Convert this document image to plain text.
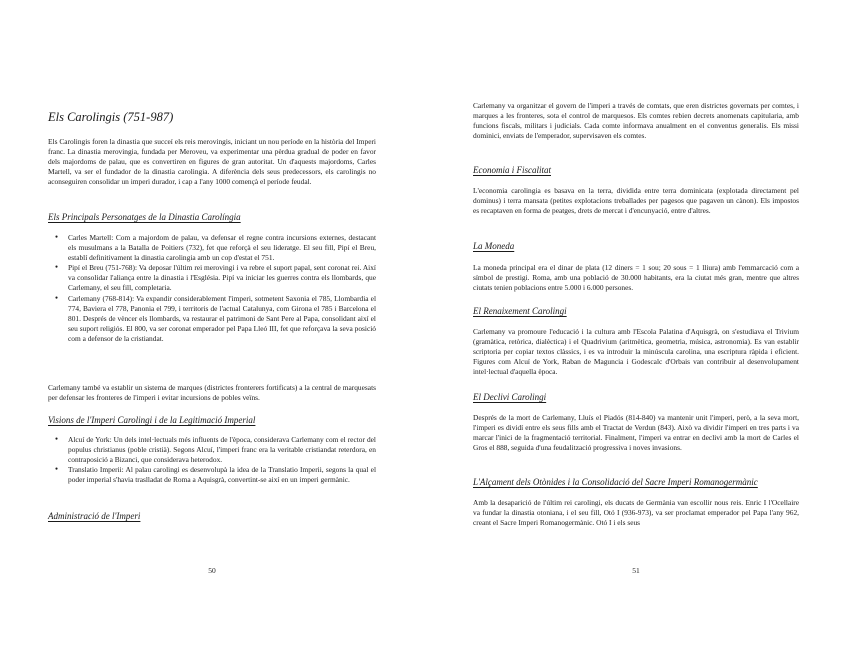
Els Carolingis (751-987)

Els Carolingis foren la dinastia que succeí els reis merovingis, iniciant un nou període en la història del Imperi franc. La dinastia merovingia, fundada per Meroveu, va experimentar una pèrdua gradual de poder en favor dels majordoms de palau, que es convertiren en figures de gran autoritat. Un d'aquests majordoms, Carles Martell, va ser el fundador de la dinastia carolingia. A diferència dels seus predecessors, els carolingis no aconseguiren consolidar un imperi durador, i cap a l'any 1000 començà el període feudal.

Els Principals Personatges de la Dinastia Carolíngia
● Carles Martell: Com a majordom de palau, va defensar el regne contra incursions externes, destacant els musulmans a la Batalla de Poitiers (732), fet que reforçà el seu lideratge. El seu fill, Pipí el Breu, establí definitivament la dinastia carolingia amb un cop d'estat el 751.
● Pipí el Breu (751-768): Va deposar l'últim rei merovingi i va rebre el suport papal, sent coronat rei. Així va consolidar l'aliança entre la dinastia i l'Església. Pipí va iniciar les guerres contra els llombards, que Carlemany, el seu fill, completaria.
● Carlemany (768-814): Va expandir considerablement l'imperi, sotmetent Saxonia el 785, Llombardia el 774, Baviera el 778, Panonia el 799, i territoris de l'actual Catalunya, com Girona el 785 i Barcelona el 801. Després de vèncer els llombards, va restaurar el patrimoni de Sant Pere al Papa, consolidant així el seu suport religiós. El 800, va ser coronat emperador pel Papa Lleó III, fet que reforçava la seva posició com a defensor de la cristiandat.

Carlemany també va establir un sistema de marques (districtes fronterers fortificats) a la central de marquesats per defensar les fronteres de l'imperi i evitar incursions de pobles veïns.

Visions de l'Imperi Carolingi i de la Legitimació Imperial
● Alcuí de York: Un dels intel·lectuals més influents de l'època, considerava Carlemany com el rector del populus christianus (poble cristià). Segons Alcuí, l'imperi franc era la veritable cristiandat reterdora, en contraposició a Bizanci, que considerava heterodox.
● Translatio Imperii: Al palau carolingi es desenvolupà la idea de la Translatio Imperii, segons la qual el poder imperial s'havia traslladat de Roma a Aquisgrà, convertint-se així en un imperi germànic.
Administració de l'Imperi
50

Carlemany va organitzar el govern de l'imperi a través de comtats, que eren districtes governats per comtes, i marques a les fronteres, sota el control de marquesos. Els comtes rebien decrets anomenats capitularia, amb funcions fiscals, militars i judicials. Cada comte informava anualment en el conventus generalis. Els missi dominici, enviats de l'emperador, supervisaven els comtes.

Economia i Fiscalitat

L'economia carolingia es basava en la terra, dividida entre terra dominicata (explotada directament pel dominus) i terra mansata (petites explotacions treballades per pagesos que pagaven un cànon). Els impostos es recaptaven en forma de peatges, drets de mercat i d'encunyació, entre d'altres.

La Moneda

La moneda principal era el dinar de plata (12 diners = 1 sou; 20 sous = 1 lliura) amb l'emmarcació com a símbol de prestigi. Roma, amb una població de 30.000 habitants, era la ciutat més gran, mentre que altres ciutats tenien poblacions entre 5.000 i 6.000 persones.

El Renaixement Carolingi

Carlemany va promoure l'educació i la cultura amb l'Escola Palatina d'Aquisgrà, on s'estudiava el Trivium (gramàtica, retòrica, dialèctica) i el Quadrivium (aritmètica, geometria, música, astronomia). Es van establir scriptoria per copiar textos clàssics, i es va introduir la minúscula carolina, una escriptura ràpida i eficient. Figures com Alcuí de York, Raban de Maguncia i Godescalc d'Orbais van contribuir al desenvolupament intel·lectual d'aquella època.

El Declivi Carolingi

Després de la mort de Carlemany, Lluís el Piadós (814-840) va mantenir unit l'imperi, però, a la seva mort, l'imperi es dividí entre els seus fills amb el Tractat de Verdun (843). Això va dividir l'imperi en tres parts i va marcar l'inici de la fragmentació territorial. Finalment, l'imperi va entrar en declivi amb la mort de Carles el Gros el 888, seguida d'una feudalització progressiva i noves invasions.

L'Alçament dels Otònides i la Consolidació del Sacre Imperi Romanogermànic

Amb la desaparició de l'últim rei carolingi, els ducats de Germània van escollir nous reis. Enric I l'Ocellaire va fundar la dinastia otoniana, i el seu fill, Otó I (936-973), va ser proclamat emperador pel Papa l'any 962, creant el Sacre Imperi Romanogermànic. Otó I i els seus

51
